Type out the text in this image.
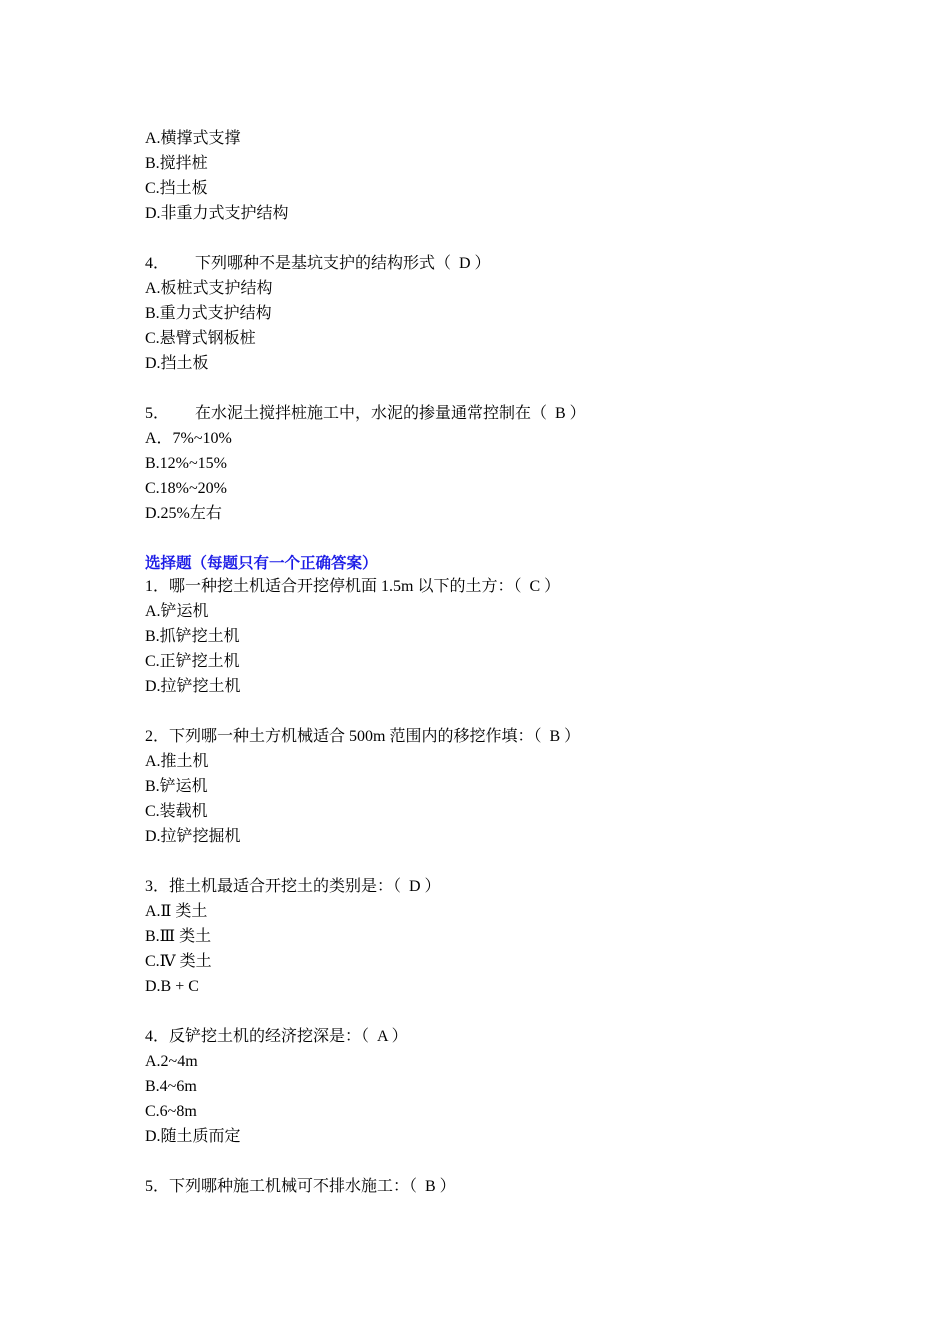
A.横撑式支撑
B.搅拌桩
C.挡土板
D.非重力式支护结构
4． 下列哪种不是基坑支护的结构形式（  D ）
A.板桩式支护结构
B.重力式支护结构
C.悬臂式钢板桩
D.挡土板
5． 在水泥土搅拌桩施工中，水泥的掺量通常控制在（  B ）
A．7%~10%
B.12%~15%
C.18%~20%
D.25%左右
选择题（每题只有一个正确答案）
1．哪一种挖土机适合开挖停机面 1.5m 以下的土方：（  C ）
A.铲运机
B.抓铲挖土机
C.正铲挖土机
D.拉铲挖土机
2．下列哪一种土方机械适合 500m 范围内的移挖作填：（  B ）
A.推土机
B.铲运机
C.装载机
D.拉铲挖掘机
3．推土机最适合开挖土的类别是：（  D ）
A.Ⅱ 类土
B.Ⅲ 类土
C.Ⅳ 类土
D.B + C
4．反铲挖土机的经济挖深是：（  A ）
A.2~4m
B.4~6m
C.6~8m
D.随土质而定
5．下列哪种施工机械可不排水施工：（  B ）
